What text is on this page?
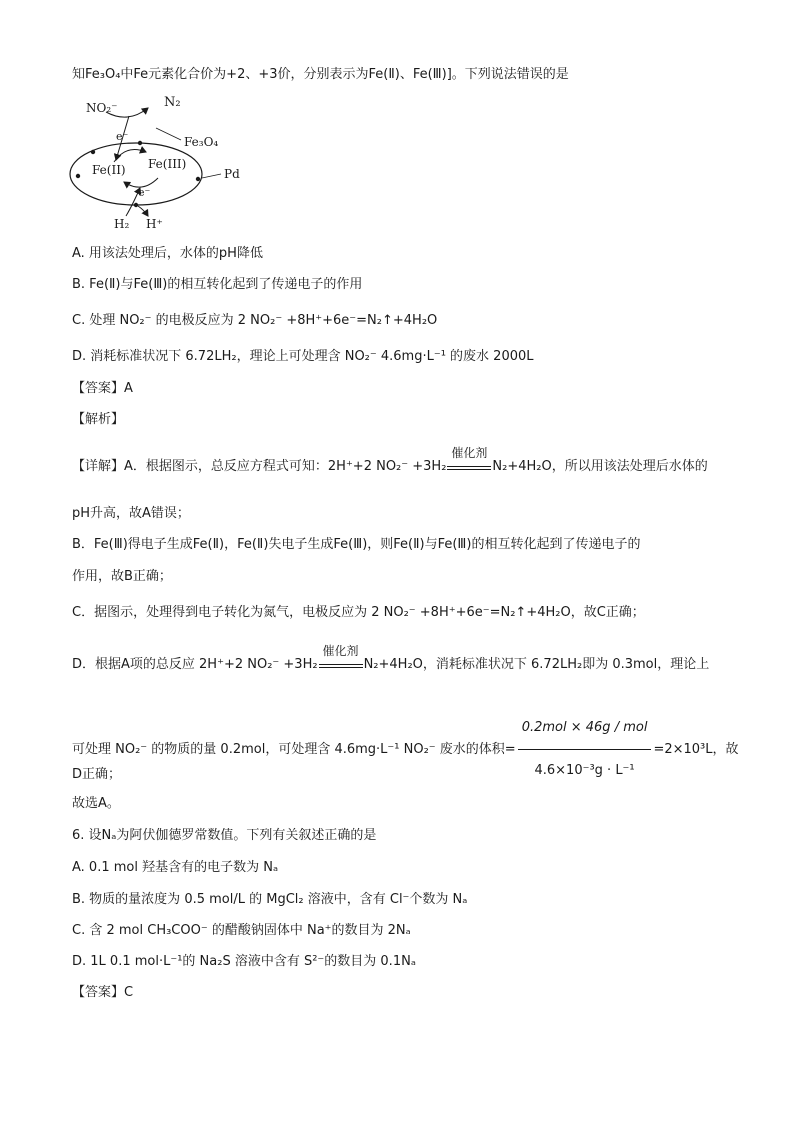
知Fe₃O₄中Fe元素化合价为+2、+3价，分别表示为Fe(Ⅱ)、Fe(Ⅲ)]。下列说法错误的是
NO₂⁻	N₂
e⁻	Fe₃O₄
Fe(II) Fe(III)
Pd
e⁻
H₂ H⁺
A. 用该法处理后，水体的pH降低
B. Fe(Ⅱ)与Fe(Ⅲ)的相互转化起到了传递电子的作用
C. 处理 NO₂⁻ 的电极反应为 2 NO₂⁻ +8H⁺+6e⁻=N₂↑+4H₂O
D. 消耗标准状况下 6.72LH₂，理论上可处理含 NO₂⁻ 4.6mg·L⁻¹ 的废水 2000L
【答案】A
【解析】
【详解】A．根据图示，总反应方程式可知：2H⁺+2 NO₂⁻ +3H₂
催化剂
N₂+4H₂O，所以用该法处理后水体的
pH升高，故A错误；
B．Fe(Ⅲ)得电子生成Fe(Ⅱ)，Fe(Ⅱ)失电子生成Fe(Ⅲ)，则Fe(Ⅱ)与Fe(Ⅲ)的相互转化起到了传递电子的
作用，故B正确；
C．据图示，处理得到电子转化为氮气，电极反应为 2 NO₂⁻ +8H⁺+6e⁻=N₂↑+4H₂O，故C正确；
D．根据A项的总反应 2H⁺+2 NO₂⁻ +3H₂
催化剂
N₂+4H₂O，消耗标准状况下 6.72LH₂即为 0.3mol，理论上
可处理 NO₂⁻ 的物质的量 0.2mol，可处理含 4.6mg·L⁻¹ NO₂⁻ 废水的体积= $\frac{\text{0.2mol × 46g / mol}}{\text{4.6×10⁻³g · L⁻¹}} =2\times 10^3L$，故
D正确；
故选A。
6. 设Nₐ为阿伏伽德罗常数值。下列有关叙述正确的是
A. 0.1 mol 羟基含有的电子数为 Nₐ
B. 物质的量浓度为 0.5 mol/L 的 MgCl₂ 溶液中，含有 Cl⁻个数为 Nₐ
C. 含 2 mol CH₃COO⁻ 的醋酸钠固体中 Na⁺的数目为 2Nₐ
D. 1L 0.1 mol·L⁻¹的 Na₂S 溶液中含有 S²⁻的数目为 0.1Nₐ
【答案】C
